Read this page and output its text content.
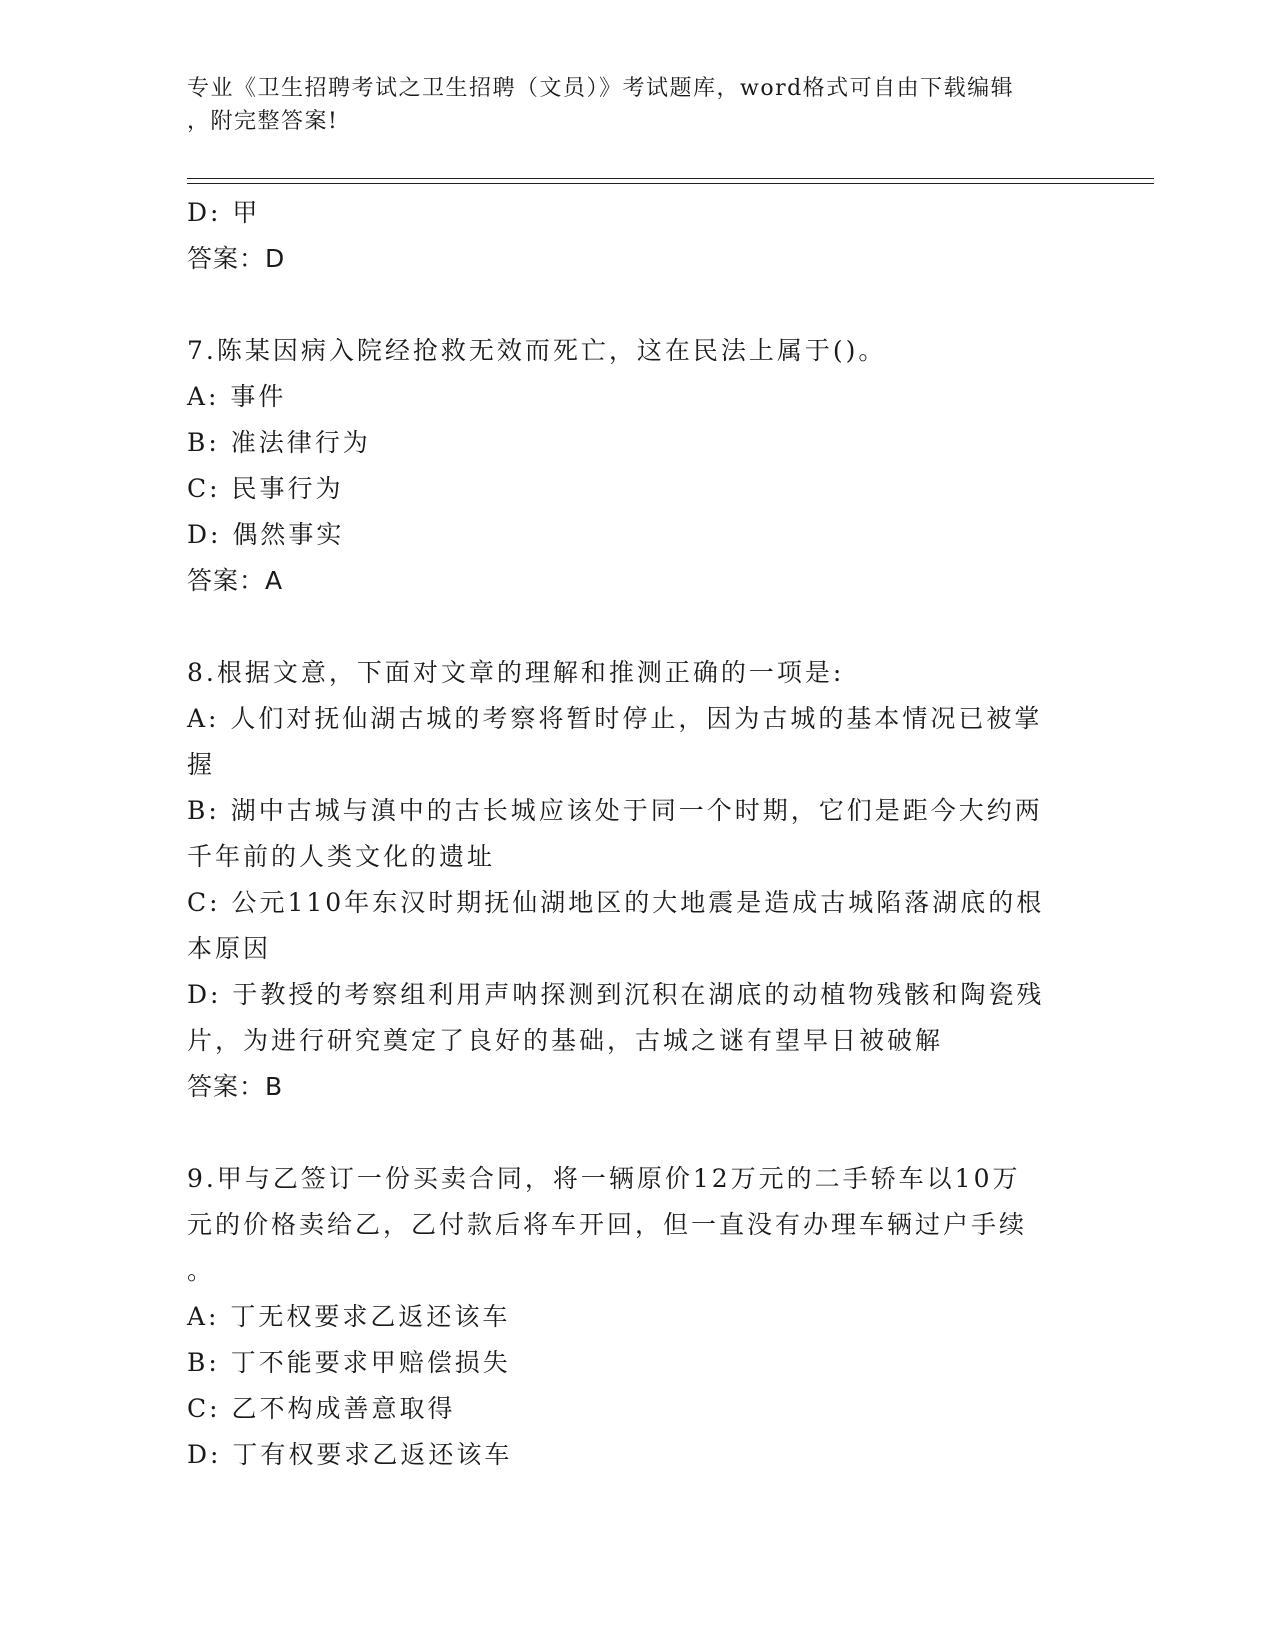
专业《卫生招聘考试之卫生招聘（文员）》考试题库，word格式可自由下载编辑
，附完整答案!
D: 甲
答案：D
7.陈某因病入院经抢救无效而死亡，这在民法上属于()。
A: 事件
B: 准法律行为
C: 民事行为
D: 偶然事实
答案：A
8.根据文意，下面对文章的理解和推测正确的一项是:
A: 人们对抚仙湖古城的考察将暂时停止，因为古城的基本情况已被掌
握
B: 湖中古城与滇中的古长城应该处于同一个时期，它们是距今大约两
千年前的人类文化的遗址
C: 公元110年东汉时期抚仙湖地区的大地震是造成古城陷落湖底的根
本原因
D: 于教授的考察组利用声呐探测到沉积在湖底的动植物残骸和陶瓷残
片，为进行研究奠定了良好的基础，古城之谜有望早日被破解
答案：B
9.甲与乙签订一份买卖合同，将一辆原价12万元的二手轿车以10万
元的价格卖给乙，乙付款后将车开回，但一直没有办理车辆过户手续
。
A: 丁无权要求乙返还该车
B: 丁不能要求甲赔偿损失
C: 乙不构成善意取得
D: 丁有权要求乙返还该车
